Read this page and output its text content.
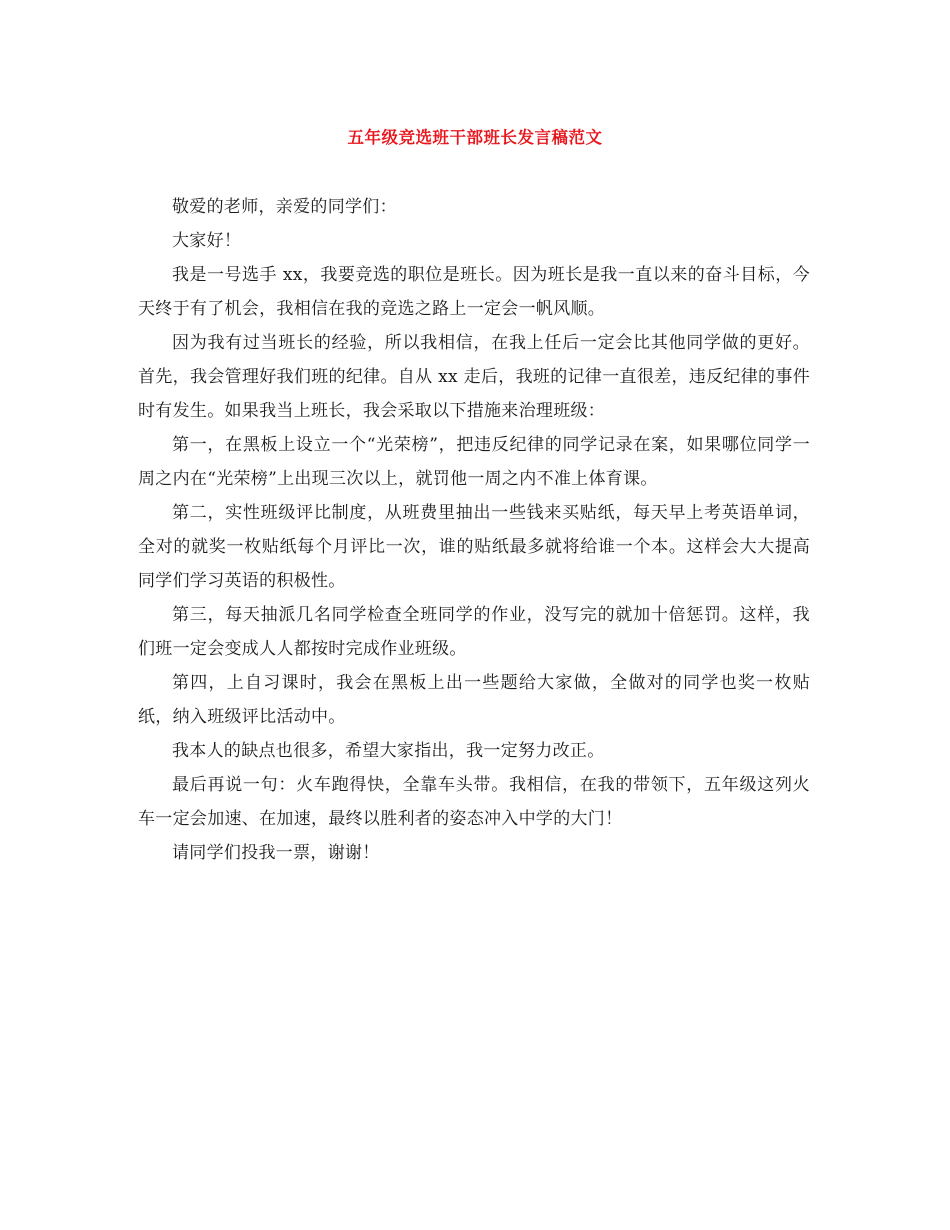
五年级竞选班干部班长发言稿范文

敬爱的老师，亲爱的同学们：

大家好！

我是一号选手 xx，我要竞选的职位是班长。因为班长是我一直以来的奋斗目标，今天终于有了机会，我相信在我的竞选之路上一定会一帆风顺。

因为我有过当班长的经验，所以我相信，在我上任后一定会比其他同学做的更好。首先，我会管理好我们班的纪律。自从 xx 走后，我班的记律一直很差，违反纪律的事件时有发生。如果我当上班长，我会采取以下措施来治理班级：

第一，在黑板上设立一个“光荣榜”，把违反纪律的同学记录在案，如果哪位同学一周之内在“光荣榜”上出现三次以上，就罚他一周之内不准上体育课。

第二，实性班级评比制度，从班费里抽出一些钱来买贴纸，每天早上考英语单词，全对的就奖一枚贴纸每个月评比一次，谁的贴纸最多就将给谁一个本。这样会大大提高同学们学习英语的积极性。

第三，每天抽派几名同学检查全班同学的作业，没写完的就加十倍惩罚。这样，我们班一定会变成人人都按时完成作业班级。

第四，上自习课时，我会在黑板上出一些题给大家做，全做对的同学也奖一枚贴纸，纳入班级评比活动中。

我本人的缺点也很多，希望大家指出，我一定努力改正。

最后再说一句：火车跑得快，全靠车头带。我相信，在我的带领下，五年级这列火车一定会加速、在加速，最终以胜利者的姿态冲入中学的大门！

请同学们投我一票，谢谢！
